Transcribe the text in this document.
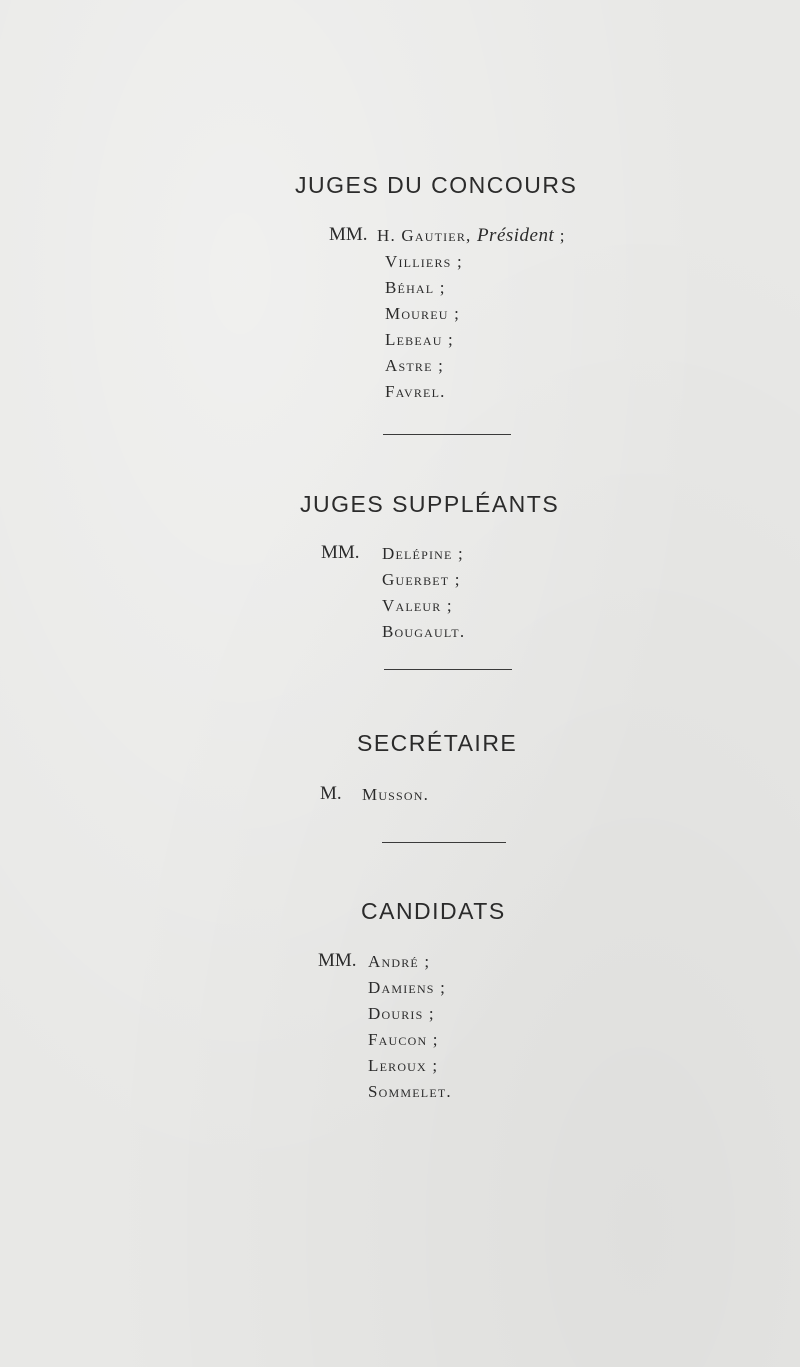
JUGES DU CONCOURS
MM. H. Gautier, Président ;
Villiers ;
Béhal ;
Moureu ;
Lebeau ;
Astre ;
Favrel.
JUGES SUPPLÉANTS
MM. Delépine ;
Guerbet ;
Valeur ;
Bougault.
SECRÉTAIRE
M. Musson.
CANDIDATS
MM. André ;
Damiens ;
Douris ;
Faucon ;
Leroux ;
Sommelet.
